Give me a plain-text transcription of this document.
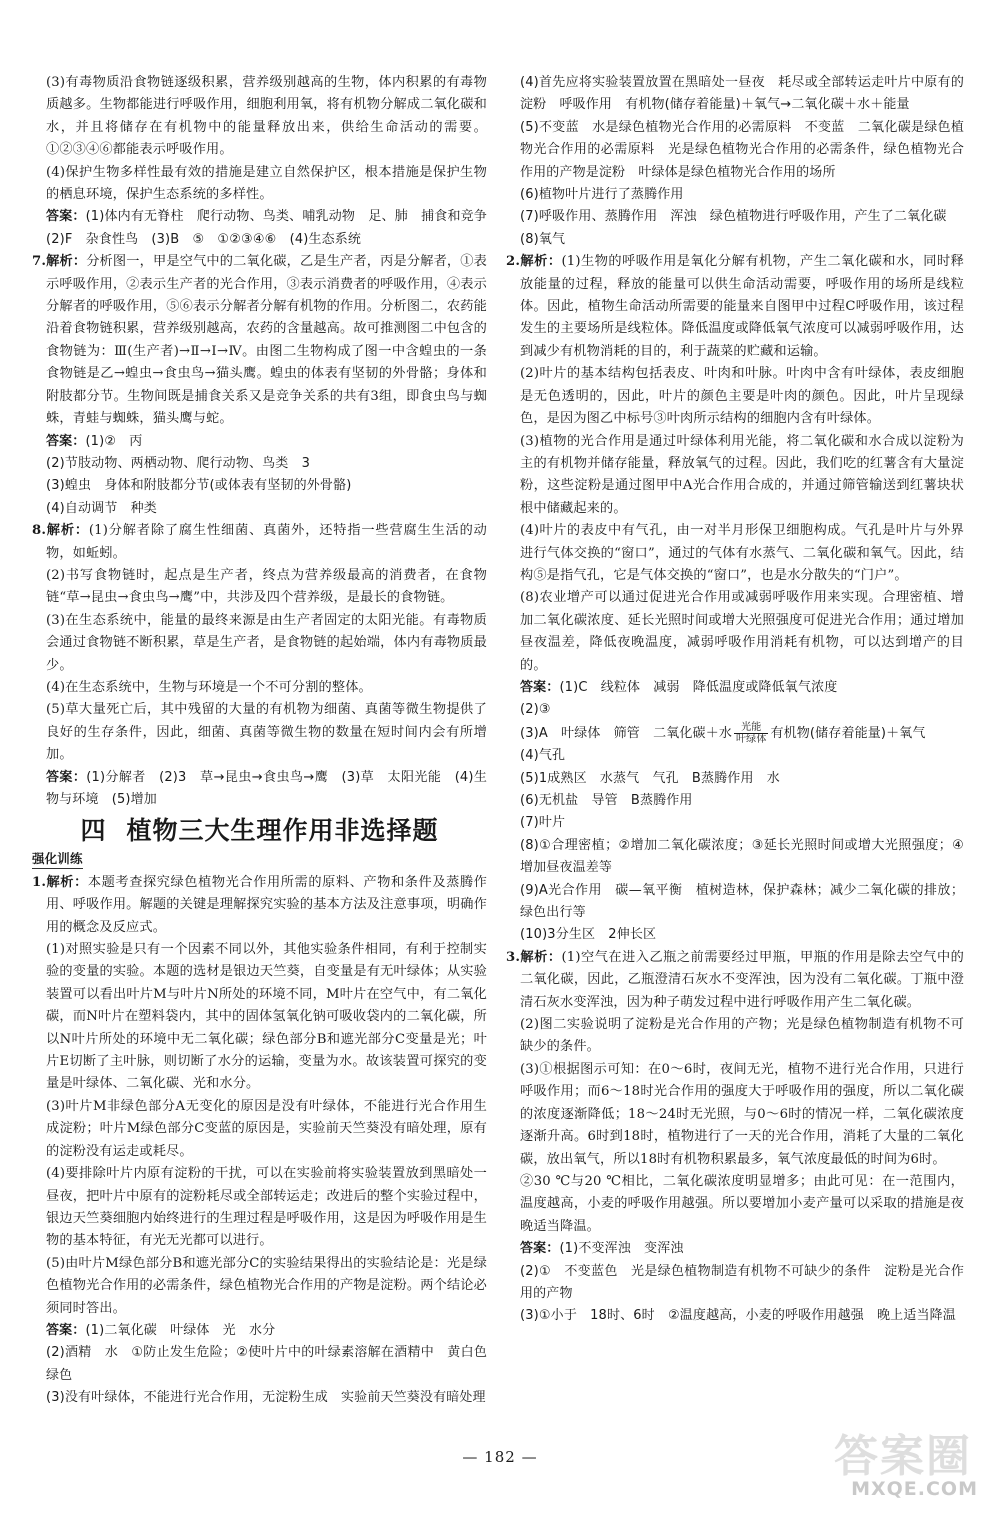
(3)有毒物质沿食物链逐级积累，营养级别越高的生物，体内积累的有毒物质越多。生物都能进行呼吸作用，细胞利用氧，将有机物分解成二氧化碳和水，并且将储存在有机物中的能量释放出来，供给生命活动的需要。①②③④⑥都能表示呼吸作用。

(4)保护生物多样性最有效的措施是建立自然保护区，根本措施是保护生物的栖息环境，保护生态系统的多样性。

答案：(1)体内有无脊柱　爬行动物、鸟类、哺乳动物　足、肺　捕食和竞争　(2)F　杂食性鸟　(3)B　⑤　①②③④⑥　(4)生态系统

7.解析：分析图一，甲是空气中的二氧化碳，乙是生产者，丙是分解者，①表示呼吸作用，②表示生产者的光合作用，③表示消费者的呼吸作用，④表示分解者的呼吸作用，⑤⑥表示分解者分解有机物的作用。分析图二，农药能沿着食物链积累，营养级别越高，农药的含量越高。故可推测图二中包含的食物链为：Ⅲ(生产者)→Ⅱ→Ⅰ→Ⅳ。由图二生物构成了图一中含蝗虫的一条食物链是乙→蝗虫→食虫鸟→猫头鹰。蝗虫的体表有坚韧的外骨骼；身体和附肢都分节。生物间既是捕食关系又是竞争关系的共有3组，即食虫鸟与蜘蛛，青蛙与蜘蛛，猫头鹰与蛇。

答案：(1)②　丙

(2)节肢动物、两栖动物、爬行动物、鸟类　3

(3)蝗虫　身体和附肢都分节(或体表有坚韧的外骨骼)

(4)自动调节　种类

8.解析：(1)分解者除了腐生性细菌、真菌外，还特指一些营腐生生活的动物，如蚯蚓。

(2)书写食物链时，起点是生产者，终点为营养级最高的消费者，在食物链“草→昆虫→食虫鸟→鹰”中，共涉及四个营养级，是最长的食物链。

(3)在生态系统中，能量的最终来源是由生产者固定的太阳光能。有毒物质会通过食物链不断积累，草是生产者，是食物链的起始端，体内有毒物质最少。

(4)在生态系统中，生物与环境是一个不可分割的整体。

(5)草大量死亡后，其中残留的大量的有机物为细菌、真菌等微生物提供了良好的生存条件，因此，细菌、真菌等微生物的数量在短时间内会有所增加。

答案：(1)分解者　(2)3　草→昆虫→食虫鸟→鹰　(3)草　太阳光能　(4)生物与环境　(5)增加

四 植物三大生理作用非选择题
强化训练

1.解析：本题考查探究绿色植物光合作用所需的原料、产物和条件及蒸腾作用、呼吸作用。解题的关键是理解探究实验的基本方法及注意事项，明确作用的概念及反应式。

(1)对照实验是只有一个因素不同以外，其他实验条件相同，有利于控制实验的变量的实验。本题的选材是银边天竺葵，自变量是有无叶绿体；从实验装置可以看出叶片M与叶片N所处的环境不同，M叶片在空气中，有二氧化碳，而N叶片在塑料袋内，其中的固体氢氧化钠可吸收袋内的二氧化碳，所以N叶片所处的环境中无二氧化碳；绿色部分B和遮光部分C变量是光；叶片E切断了主叶脉，则切断了水分的运输，变量为水。故该装置可探究的变量是叶绿体、二氧化碳、光和水分。

(3)叶片M非绿色部分A无变化的原因是没有叶绿体，不能进行光合作用生成淀粉；叶片M绿色部分C变蓝的原因是，实验前天竺葵没有暗处理，原有的淀粉没有运走或耗尽。

(4)要排除叶片内原有淀粉的干扰，可以在实验前将实验装置放到黑暗处一昼夜，把叶片中原有的淀粉耗尽或全部转运走；改进后的整个实验过程中，银边天竺葵细胞内始终进行的生理过程是呼吸作用，这是因为呼吸作用是生物的基本特征，有光无光都可以进行。

(5)由叶片M绿色部分B和遮光部分C的实验结果得出的实验结论是：光是绿色植物光合作用的必需条件，绿色植物光合作用的产物是淀粉。两个结论必须同时答出。

答案：(1)二氧化碳　叶绿体　光　水分

(2)酒精　水　①防止发生危险；②使叶片中的叶绿素溶解在酒精中　黄白色　绿色

(3)没有叶绿体，不能进行光合作用，无淀粉生成　实验前天竺葵没有暗处理

(4)首先应将实验装置放置在黑暗处一昼夜　耗尽或全部转运走叶片中原有的淀粉　呼吸作用　有机物(储存着能量)＋氧气→二氧化碳＋水＋能量

(5)不变蓝　水是绿色植物光合作用的必需原料　不变蓝　二氧化碳是绿色植物光合作用的必需原料　光是绿色植物光合作用的必需条件，绿色植物光合作用的产物是淀粉　叶绿体是绿色植物光合作用的场所

(6)植物叶片进行了蒸腾作用

(7)呼吸作用、蒸腾作用　浑浊　绿色植物进行呼吸作用，产生了二氧化碳

(8)氧气

2.解析：(1)生物的呼吸作用是氧化分解有机物，产生二氧化碳和水，同时释放能量的过程，释放的能量可以供生命活动需要，呼吸作用的场所是线粒体。因此，植物生命活动所需要的能量来自图甲中过程C呼吸作用，该过程发生的主要场所是线粒体。降低温度或降低氧气浓度可以减弱呼吸作用，达到减少有机物消耗的目的，利于蔬菜的贮藏和运输。

(2)叶片的基本结构包括表皮、叶肉和叶脉。叶肉中含有叶绿体，表皮细胞是无色透明的，因此，叶片的颜色主要是叶肉的颜色。因此，叶片呈现绿色，是因为图乙中标号③叶肉所示结构的细胞内含有叶绿体。

(3)植物的光合作用是通过叶绿体利用光能，将二氧化碳和水合成以淀粉为主的有机物并储存能量，释放氧气的过程。因此，我们吃的红薯含有大量淀粉，这些淀粉是通过图甲中A光合作用合成的，并通过筛管输送到红薯块状根中储藏起来的。

(4)叶片的表皮中有气孔，由一对半月形保卫细胞构成。气孔是叶片与外界进行气体交换的“窗口”，通过的气体有水蒸气、二氧化碳和氧气。因此，结构⑤是指气孔，它是气体交换的“窗口”，也是水分散失的“门户”。

(8)农业增产可以通过促进光合作用或减弱呼吸作用来实现。合理密植、增加二氧化碳浓度、延长光照时间或增大光照强度可促进光合作用；通过增加昼夜温差，降低夜晚温度，减弱呼吸作用消耗有机物，可以达到增产的目的。

答案：(1)C　线粒体　减弱　降低温度或降低氧气浓度

(2)③

(3)A　叶绿体　筛管　二氧化碳＋水 $\frac{\text{光能}}{\text{叶绿体}}$ 有机物(储存着能量)＋氧气

(4)气孔

(5)1成熟区　水蒸气　气孔　B蒸腾作用　水

(6)无机盐　导管　B蒸腾作用

(7)叶片

(8)①合理密植；②增加二氧化碳浓度；③延长光照时间或增大光照强度；④增加昼夜温差等

(9)A光合作用　碳—氧平衡　植树造林，保护森林；减少二氧化碳的排放；绿色出行等

(10)3分生区　2伸长区

3.解析：(1)空气在进入乙瓶之前需要经过甲瓶，甲瓶的作用是除去空气中的二氧化碳，因此，乙瓶澄清石灰水不变浑浊，因为没有二氧化碳。丁瓶中澄清石灰水变浑浊，因为种子萌发过程中进行呼吸作用产生二氧化碳。

(2)图二实验说明了淀粉是光合作用的产物；光是绿色植物制造有机物不可缺少的条件。

(3)①根据图示可知：在0～6时，夜间无光，植物不进行光合作用，只进行呼吸作用；而6～18时光合作用的强度大于呼吸作用的强度，所以二氧化碳的浓度逐渐降低；18～24时无光照，与0～6时的情况一样，二氧化碳浓度逐渐升高。6时到18时，植物进行了一天的光合作用，消耗了大量的二氧化碳，放出氧气，所以18时有机物积累最多，氧气浓度最低的时间为6时。

②30 ℃与20 ℃相比，二氧化碳浓度明显增多；由此可见：在一范围内，温度越高，小麦的呼吸作用越强。所以要增加小麦产量可以采取的措施是夜晚适当降温。

答案：(1)不变浑浊　变浑浊

(2)①　不变蓝色　光是绿色植物制造有机物不可缺少的条件　淀粉是光合作用的产物

(3)①小于　18时、6时　②温度越高，小麦的呼吸作用越强　晚上适当降温

— 182 —	答案圈
MXQE.COM
